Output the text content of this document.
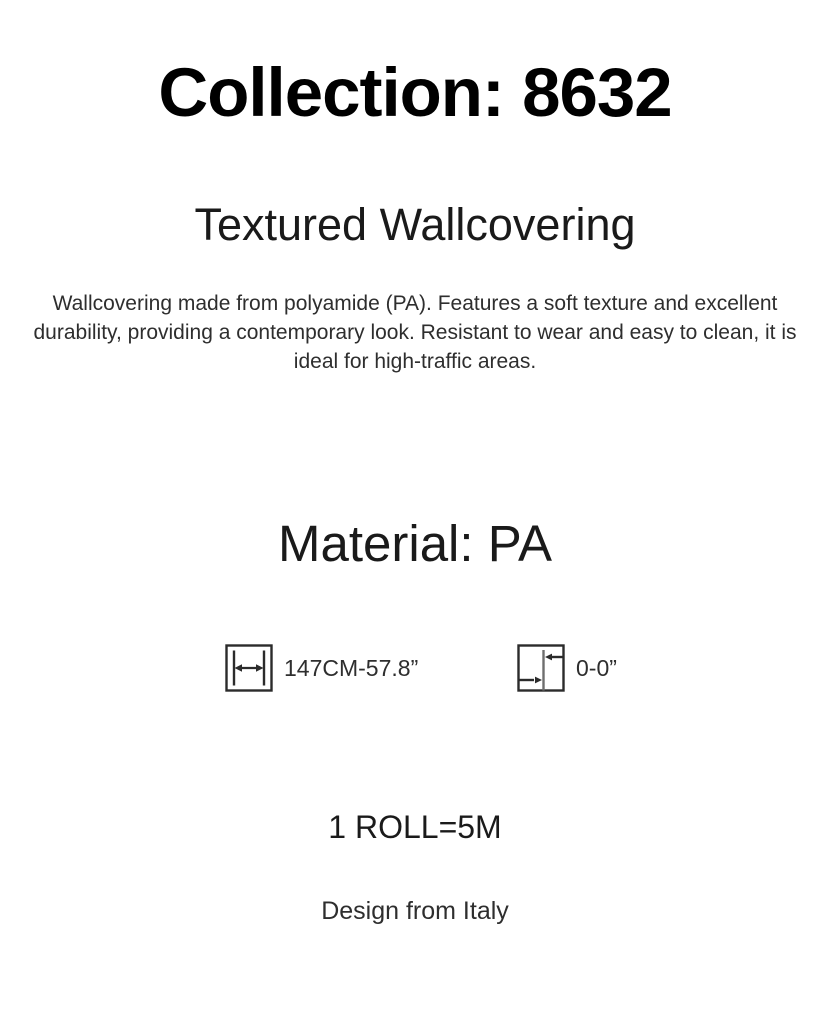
Collection: 8632
Textured Wallcovering

Wallcovering made from polyamide (PA). Features a soft texture and excellent durability, providing a contemporary look. Resistant to wear and easy to clean, it is ideal for high-traffic areas.

Material: PA
147CM-57.8”	0-0”
1 ROLL=5M
Design from Italy
